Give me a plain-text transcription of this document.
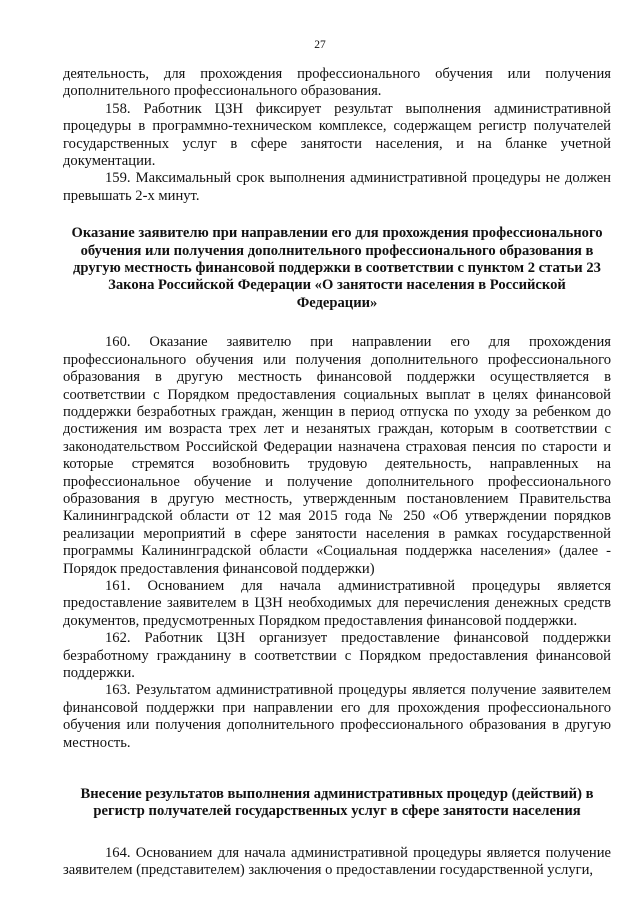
27

деятельность, для прохождения профессионального обучения или получения дополнительного профессионального образования.

158. Работник ЦЗН фиксирует результат выполнения административной процедуры в программно-техническом комплексе, содержащем регистр получателей государственных услуг в сфере занятости населения, и на бланке учетной документации.

159. Максимальный срок выполнения административной процедуры не должен превышать 2-х минут.

Оказание заявителю при направлении его для прохождения профессионального обучения или получения дополнительного профессионального образования в другую местность финансовой поддержки в соответствии с пунктом 2 статьи 23 Закона Российской Федерации «О занятости населения в Российской Федерации»

160. Оказание заявителю при направлении его для прохождения профессионального обучения или получения дополнительного профессионального образования в другую местность финансовой поддержки осуществляется в соответствии с Порядком предоставления социальных выплат в целях финансовой поддержки безработных граждан, женщин в период отпуска по уходу за ребенком до достижения им возраста трех лет и незанятых граждан, которым в соответствии с законодательством Российской Федерации назначена страховая пенсия по старости и которые стремятся возобновить трудовую деятельность, направленных на профессиональное обучение и получение дополнительного профессионального образования в другую местность, утвержденным постановлением Правительства Калининградской области от 12 мая 2015 года № 250 «Об утверждении порядков реализации мероприятий в сфере занятости населения в рамках государственной программы Калининградской области «Социальная поддержка населения» (далее - Порядок предоставления финансовой поддержки)

161. Основанием для начала административной процедуры является предоставление заявителем в ЦЗН необходимых для перечисления денежных средств документов, предусмотренных Порядком предоставления финансовой поддержки.

162. Работник ЦЗН организует предоставление финансовой поддержки безработному гражданину в соответствии с Порядком предоставления финансовой поддержки.

163. Результатом административной процедуры является получение заявителем финансовой поддержки при направлении его для прохождения профессионального обучения или получения дополнительного профессионального образования в другую местность.

Внесение результатов выполнения административных процедур (действий) в регистр получателей государственных услуг в сфере занятости населения

164. Основанием для начала административной процедуры является получение заявителем (представителем) заключения о предоставлении государственной услуги,
